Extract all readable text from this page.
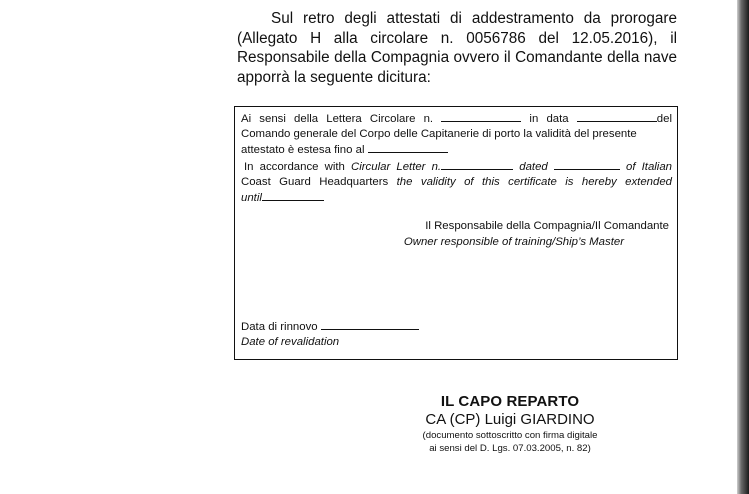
Sul retro degli attestati di addestramento da prorogare
(Allegato H alla circolare n. 0056786 del 12.05.2016), il
Responsabile della Compagnia ovvero il Comandante della nave
apporrà la seguente dicitura:
Ai sensi della Lettera Circolare n.	in data	del
Comando generale del Corpo delle Capitanerie di porto la validità del presente
attestato è estesa fino al
In accordance with Circular Letter n.	dated	of Italian
Coast Guard Headquarters the validity of this certificate is hereby extended
until
Il Responsabile della Compagnia/Il Comandante
Owner responsible of training/Ship’s Master
Data di rinnovo
Date of revalidation
IL CAPO REPARTO
CA (CP) Luigi GIARDINO
(documento sottoscritto con firma digitale
ai sensi del D. Lgs. 07.03.2005, n. 82)
